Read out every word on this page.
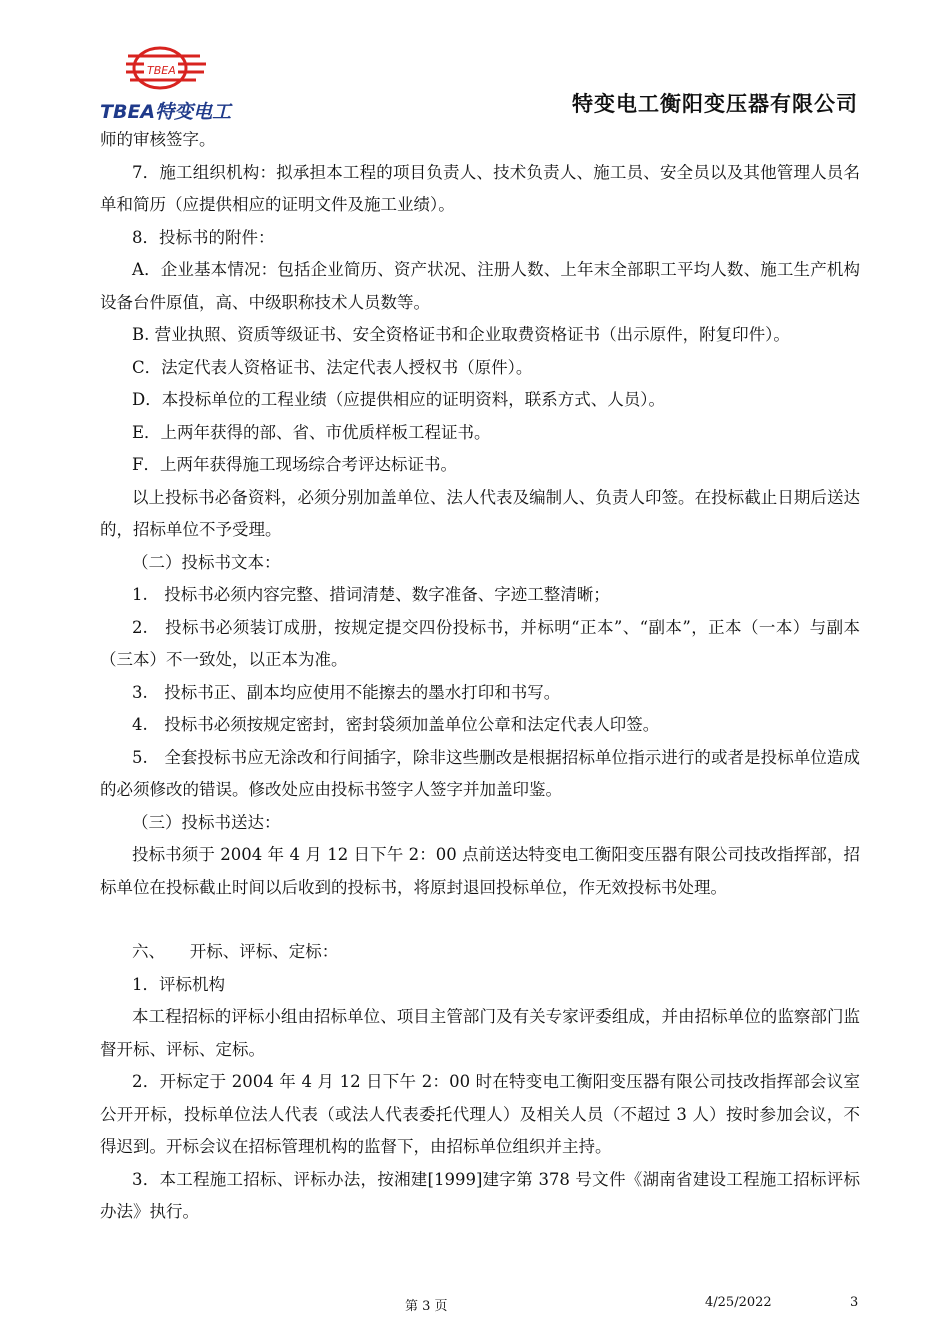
TBEA
TBEA特变电工	特变电工衡阳变压器有限公司

师的审核签字。

7．施工组织机构：拟承担本工程的项目负责人、技术负责人、施工员、安全员以及其他管理人员名单和简历（应提供相应的证明文件及施工业绩）。

8．投标书的附件：

A．企业基本情况：包括企业简历、资产状况、注册人数、上年末全部职工平均人数、施工生产机构设备台件原值，高、中级职称技术人员数等。

B. 营业执照、资质等级证书、安全资格证书和企业取费资格证书（出示原件，附复印件）。

C．法定代表人资格证书、法定代表人授权书（原件）。

D．本投标单位的工程业绩（应提供相应的证明资料，联系方式、人员）。

E．上两年获得的部、省、市优质样板工程证书。

F．上两年获得施工现场综合考评达标证书。

以上投标书必备资料，必须分别加盖单位、法人代表及编制人、负责人印签。在投标截止日期后送达的，招标单位不予受理。

（二）投标书文本：

1.　投标书必须内容完整、措词清楚、数字准备、字迹工整清晰；

2.　投标书必须装订成册，按规定提交四份投标书，并标明“正本”、“副本”，正本（一本）与副本（三本）不一致处，以正本为准。

3.　投标书正、副本均应使用不能擦去的墨水打印和书写。

4.　投标书必须按规定密封，密封袋须加盖单位公章和法定代表人印签。

5.　全套投标书应无涂改和行间插字，除非这些删改是根据招标单位指示进行的或者是投标单位造成的必须修改的错误。修改处应由投标书签字人签字并加盖印鉴。

（三）投标书送达：

投标书须于 2004 年 4 月 12 日下午 2：00 点前送达特变电工衡阳变压器有限公司技改指挥部，招标单位在投标截止时间以后收到的投标书，将原封退回投标单位，作无效投标书处理。

六、　　开标、评标、定标：

1．评标机构

本工程招标的评标小组由招标单位、项目主管部门及有关专家评委组成，并由招标单位的监察部门监督开标、评标、定标。

2．开标定于 2004 年 4 月 12 日下午 2：00 时在特变电工衡阳变压器有限公司技改指挥部会议室公开开标，投标单位法人代表（或法人代表委托代理人）及相关人员（不超过 3 人）按时参加会议，不得迟到。开标会议在招标管理机构的监督下，由招标单位组织并主持。

3．本工程施工招标、评标办法，按湘建[1999]建字第 378 号文件《湖南省建设工程施工招标评标办法》执行。

第 3 页	4/25/2022	3
